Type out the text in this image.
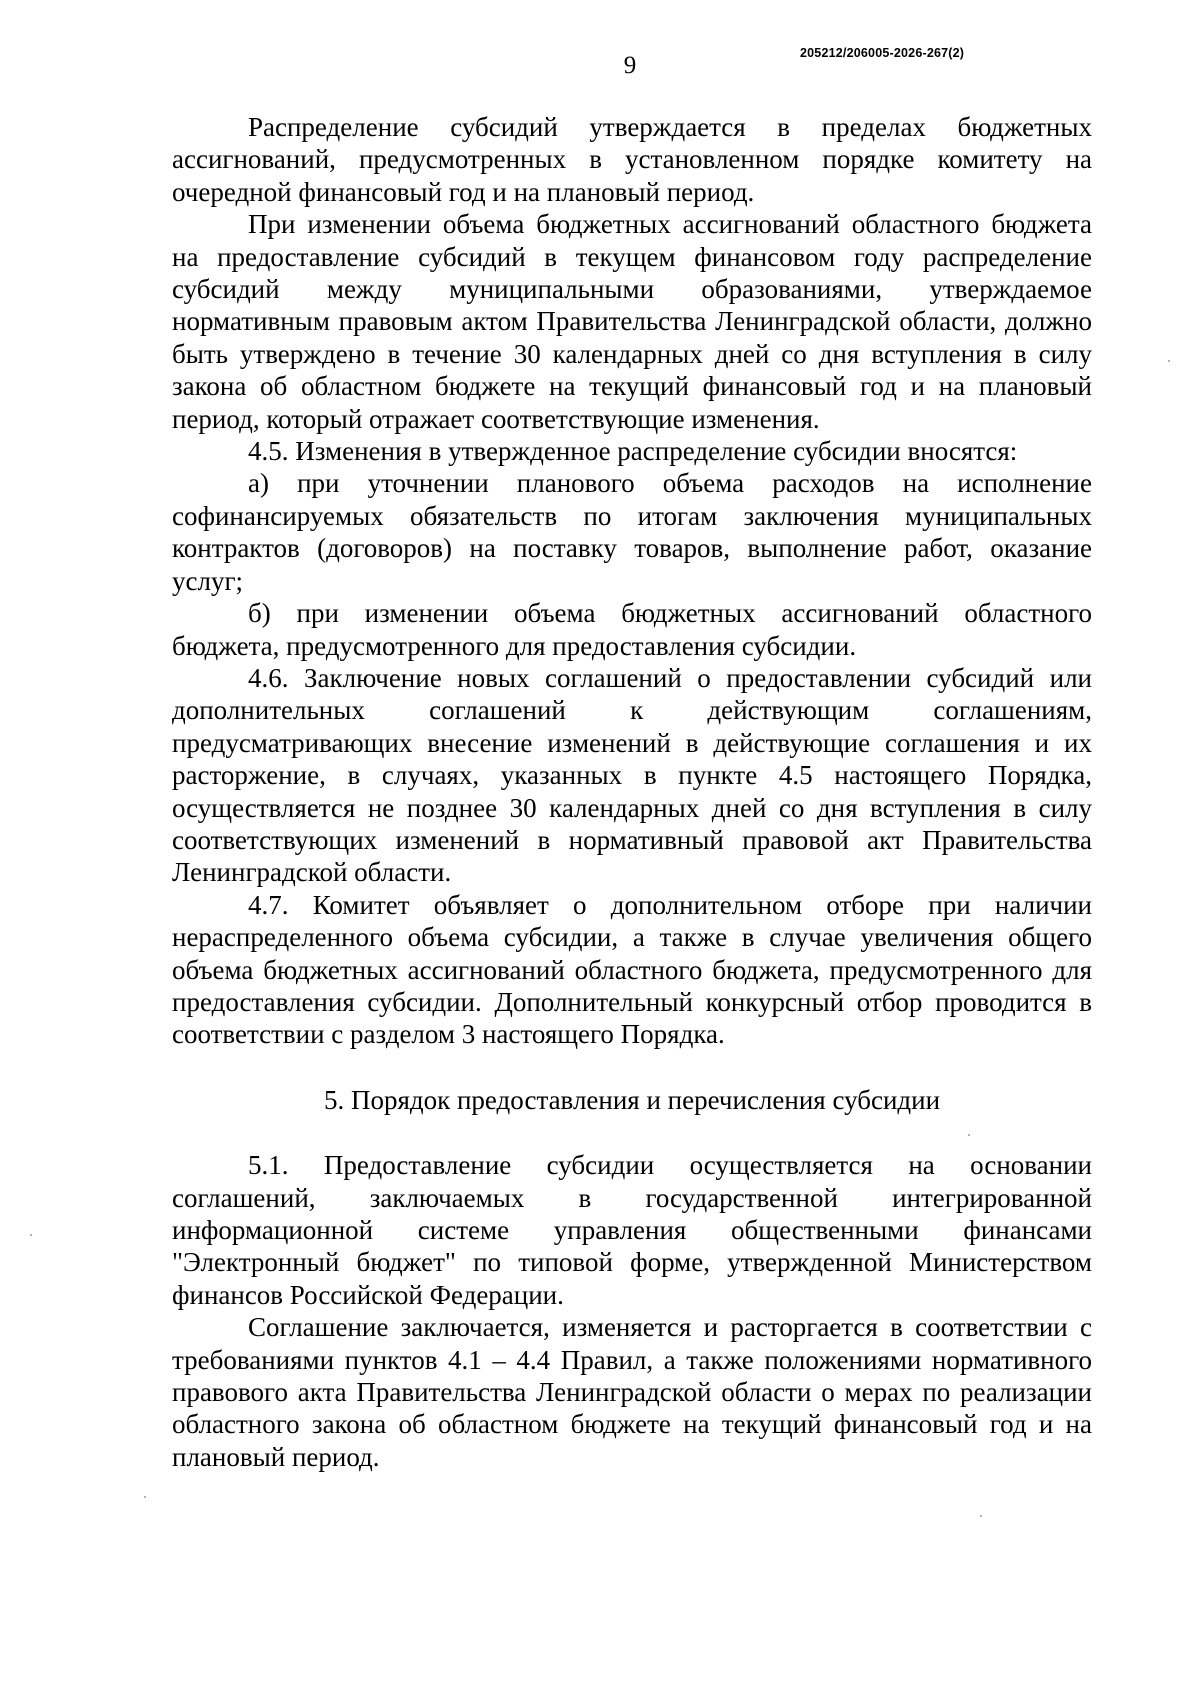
9	205212/206005-2026-267(2)

Распределение субсидий утверждается в пределах бюджетных ассигнований, предусмотренных в установленном порядке комитету на очередной финансовый год и на плановый период.

При изменении объема бюджетных ассигнований областного бюджета на предоставление субсидий в текущем финансовом году распределение субсидий между муниципальными образованиями, утверждаемое нормативным правовым актом Правительства Ленинградской области, должно быть утверждено в течение 30 календарных дней со дня вступления в силу закона об областном бюджете на текущий финансовый год и на плановый период, который отражает соответствующие изменения.

4.5. Изменения в утвержденное распределение субсидии вносятся:

а) при уточнении планового объема расходов на исполнение софинансируемых обязательств по итогам заключения муниципальных контрактов (договоров) на поставку товаров, выполнение работ, оказание услуг;

б) при изменении объема бюджетных ассигнований областного бюджета, предусмотренного для предоставления субсидии.

4.6. Заключение новых соглашений о предоставлении субсидий или дополнительных соглашений к действующим соглашениям, предусматривающих внесение изменений в действующие соглашения и их расторжение, в случаях, указанных в пункте 4.5 настоящего Порядка, осуществляется не позднее 30 календарных дней со дня вступления в силу соответствующих изменений в нормативный правовой акт Правительства Ленинградской области.

4.7. Комитет объявляет о дополнительном отборе при наличии нераспределенного объема субсидии, а также в случае увеличения общего объема бюджетных ассигнований областного бюджета, предусмотренного для предоставления субсидии. Дополнительный конкурсный отбор проводится в соответствии с разделом 3 настоящего Порядка.

5. Порядок предоставления и перечисления субсидии

5.1. Предоставление субсидии осуществляется на основании соглашений, заключаемых в государственной интегрированной информационной системе управления общественными финансами "Электронный бюджет" по типовой форме, утвержденной Министерством финансов Российской Федерации.

Соглашение заключается, изменяется и расторгается в соответствии с требованиями пунктов 4.1 – 4.4 Правил, а также положениями нормативного правового акта Правительства Ленинградской области о мерах по реализации областного закона об областном бюджете на текущий финансовый год и на плановый период.
